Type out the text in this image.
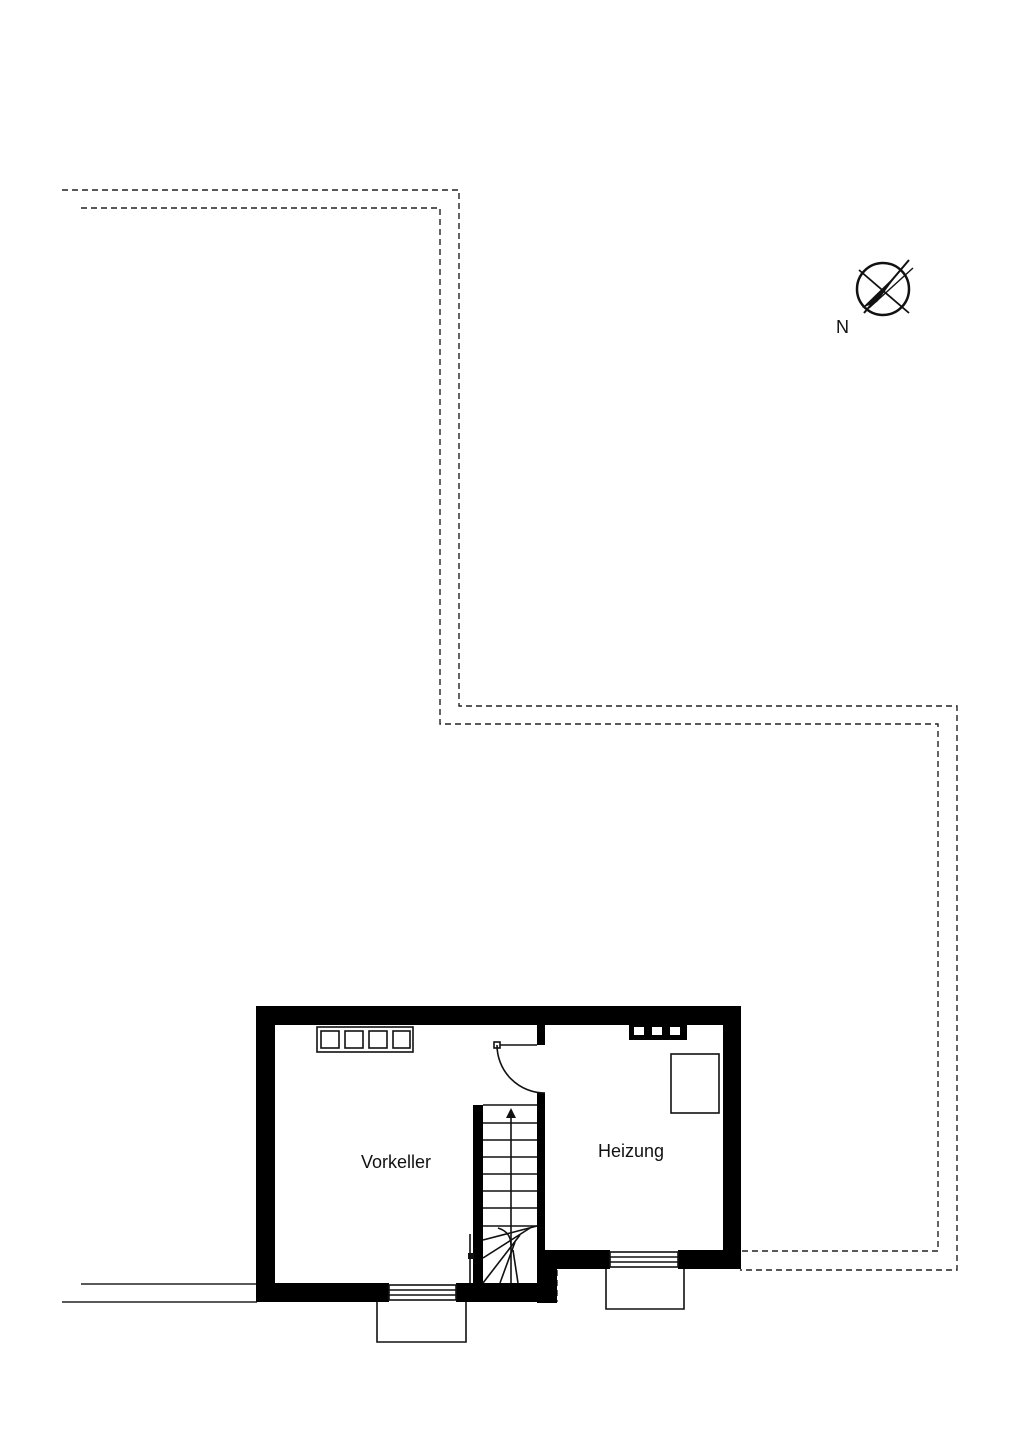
Vorkeller
Heizung
N
